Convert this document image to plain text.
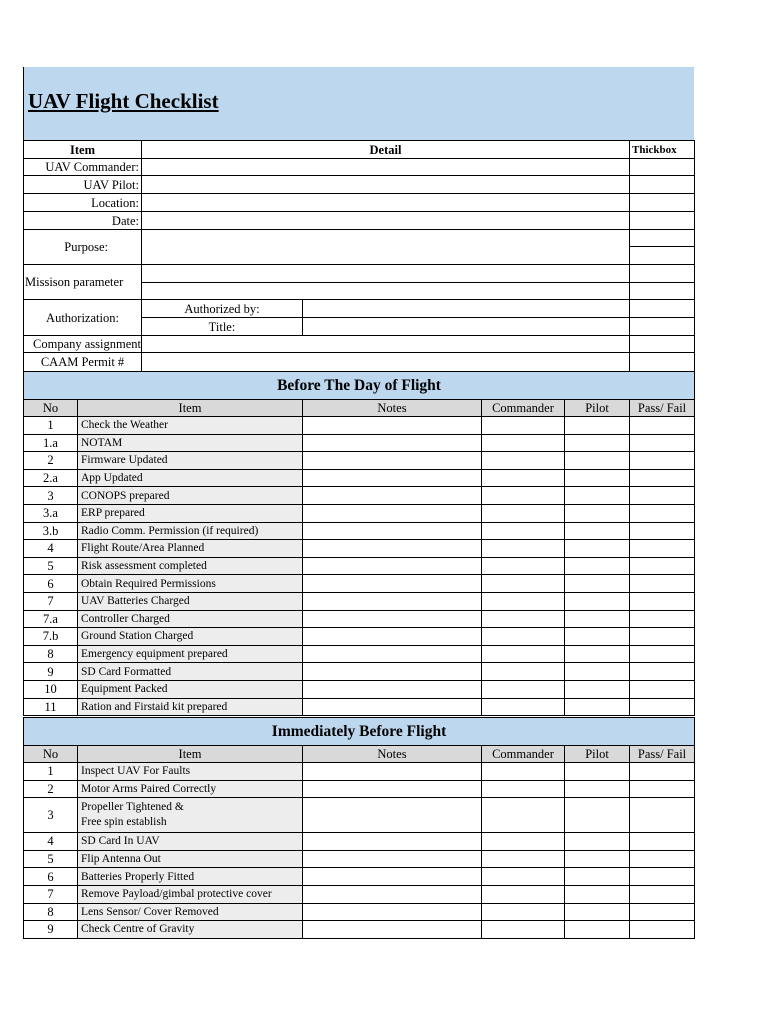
UAV Flight Checklist
Item	Detail		Thickbox
UAV Commander:			
UAV Pilot:			
Location:			
Date:			
Purpose:			

Missison parameter			

Authorization:	Authorized by:		
	Title:		
Company assignment			
CAAM Permit #			
Before The Day of Flight					
No	Item	Notes	Commander	Pilot	Pass/ Fail
1	Check the Weather				
1.a	NOTAM				
2	Firmware Updated				
2.a	App Updated				
3	CONOPS prepared				
3.a	ERP prepared				
3.b	Radio Comm. Permission (if required)				
4	Flight Route/Area Planned				
5	Risk assessment completed				
6	Obtain Required Permissions				
7	UAV Batteries Charged				
7.a	Controller Charged				
7.b	Ground Station Charged				
8	Emergency equipment prepared				
9	SD Card Formatted				
10	Equipment Packed				
11	Ration and Firstaid kit prepared				
Immediately Before Flight					
No	Item	Notes	Commander	Pilot	Pass/ Fail
1	Inspect UAV For Faults				
2	Motor Arms Paired Correctly				
3	Propeller Tightened &
Free spin establish				

4	SD Card In UAV				
5	Flip Antenna Out				
6	Batteries Properly Fitted				
7	Remove Payload/gimbal protective cover				
8	Lens Sensor/ Cover Removed				
9	Check Centre of Gravity				
